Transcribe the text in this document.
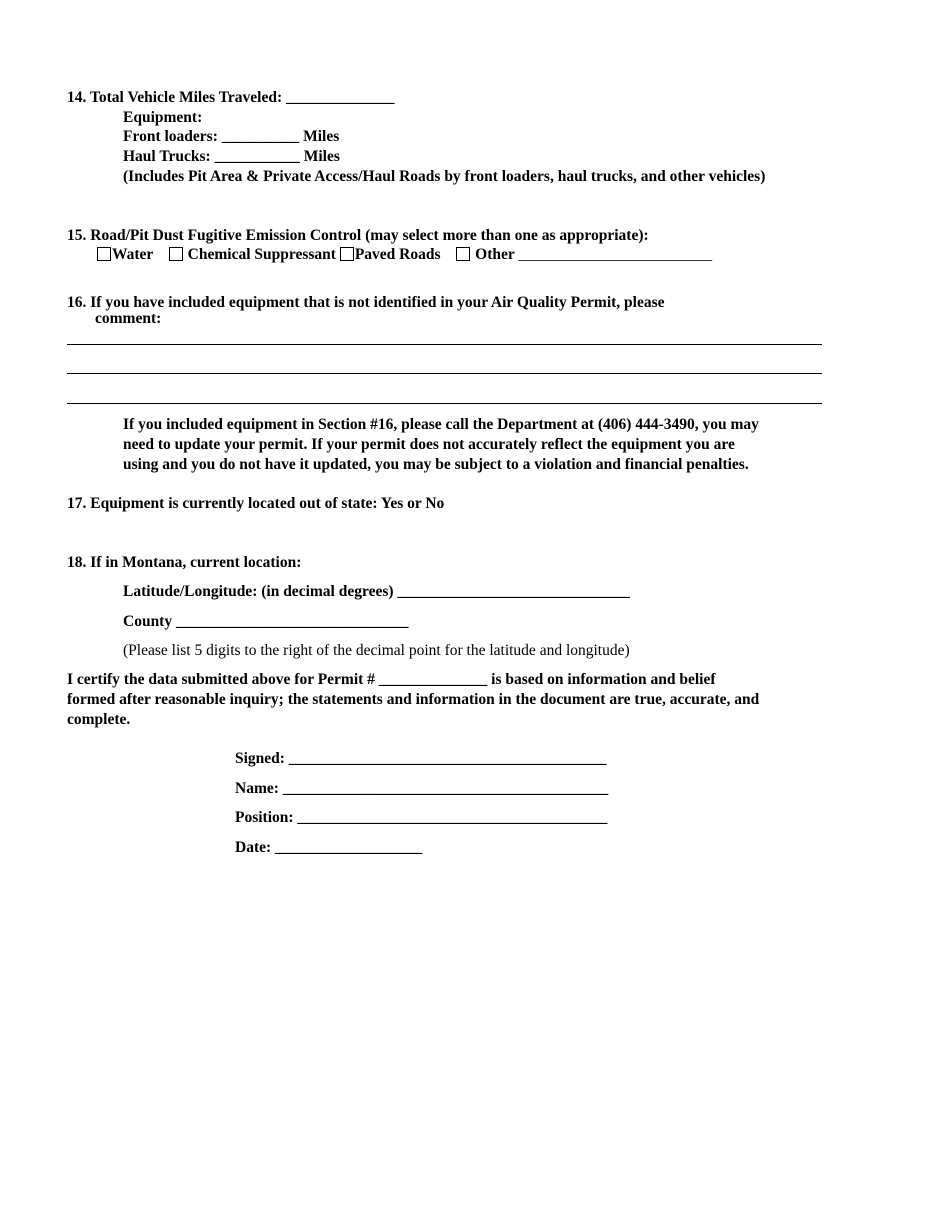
14. Total Vehicle Miles Traveled: ______________
Equipment:
Front loaders: __________ Miles
Haul Trucks: ___________ Miles
(Includes Pit Area & Private Access/Haul Roads by front loaders, haul trucks, and other vehicles)
15. Road/Pit Dust Fugitive Emission Control (may select more than one as appropriate):
Water Chemical Suppressant Paved Roads Other _________________________
16. If you have included equipment that is not identified in your Air Quality Permit, please
comment:
If you included equipment in Section #16, please call the Department at (406) 444-3490, you may
need to update your permit. If your permit does not accurately reflect the equipment you are
using and you do not have it updated, you may be subject to a violation and financial penalties.
17. Equipment is currently located out of state: Yes or No
18. If in Montana, current location:
Latitude/Longitude: (in decimal degrees) ______________________________
County ______________________________
(Please list 5 digits to the right of the decimal point for the latitude and longitude)
I certify the data submitted above for Permit # ______________ is based on information and belief
formed after reasonable inquiry; the statements and information in the document are true, accurate, and
complete.
Signed: _________________________________________
Name: __________________________________________
Position: ________________________________________
Date: ___________________
